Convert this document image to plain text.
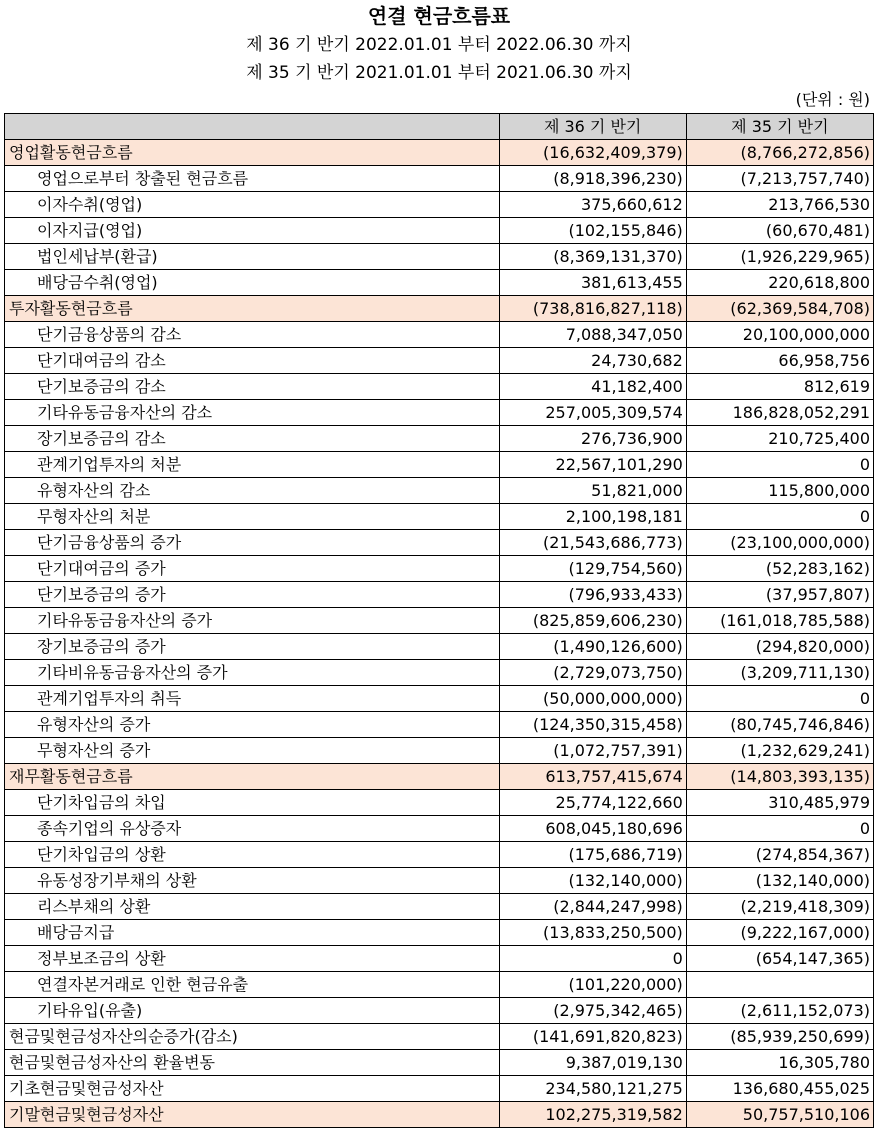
연결 현금흐름표
제 36 기 반기 2022.01.01 부터 2022.06.30 까지
제 35 기 반기 2021.01.01 부터 2021.06.30 까지
(단위 : 원)
	제 36 기 반기	제 35 기 반기
영업활동현금흐름	(16,632,409,379)	(8,766,272,856)
영업으로부터 창출된 현금흐름	(8,918,396,230)	(7,213,757,740)
이자수취(영업)	375,660,612	213,766,530
이자지급(영업)	(102,155,846)	(60,670,481)
법인세납부(환급)	(8,369,131,370)	(1,926,229,965)
배당금수취(영업)	381,613,455	220,618,800
투자활동현금흐름	(738,816,827,118)	(62,369,584,708)
단기금융상품의 감소	7,088,347,050	20,100,000,000
단기대여금의 감소	24,730,682	66,958,756
단기보증금의 감소	41,182,400	812,619
기타유동금융자산의 감소	257,005,309,574	186,828,052,291
장기보증금의 감소	276,736,900	210,725,400
관계기업투자의 처분	22,567,101,290	0
유형자산의 감소	51,821,000	115,800,000
무형자산의 처분	2,100,198,181	0
단기금융상품의 증가	(21,543,686,773)	(23,100,000,000)
단기대여금의 증가	(129,754,560)	(52,283,162)
단기보증금의 증가	(796,933,433)	(37,957,807)
기타유동금융자산의 증가	(825,859,606,230)	(161,018,785,588)
장기보증금의 증가	(1,490,126,600)	(294,820,000)
기타비유동금융자산의 증가	(2,729,073,750)	(3,209,711,130)
관계기업투자의 취득	(50,000,000,000)	0
유형자산의 증가	(124,350,315,458)	(80,745,746,846)
무형자산의 증가	(1,072,757,391)	(1,232,629,241)
재무활동현금흐름	613,757,415,674	(14,803,393,135)
단기차입금의 차입	25,774,122,660	310,485,979
종속기업의 유상증자	608,045,180,696	0
단기차입금의 상환	(175,686,719)	(274,854,367)
유동성장기부채의 상환	(132,140,000)	(132,140,000)
리스부채의 상환	(2,844,247,998)	(2,219,418,309)
배당금지급	(13,833,250,500)	(9,222,167,000)
정부보조금의 상환	0	(654,147,365)
연결자본거래로 인한 현금유출	(101,220,000)	
기타유입(유출)	(2,975,342,465)	(2,611,152,073)
현금및현금성자산의순증가(감소)	(141,691,820,823)	(85,939,250,699)
현금및현금성자산의 환율변동	9,387,019,130	16,305,780
기초현금및현금성자산	234,580,121,275	136,680,455,025
기말현금및현금성자산	102,275,319,582	50,757,510,106
